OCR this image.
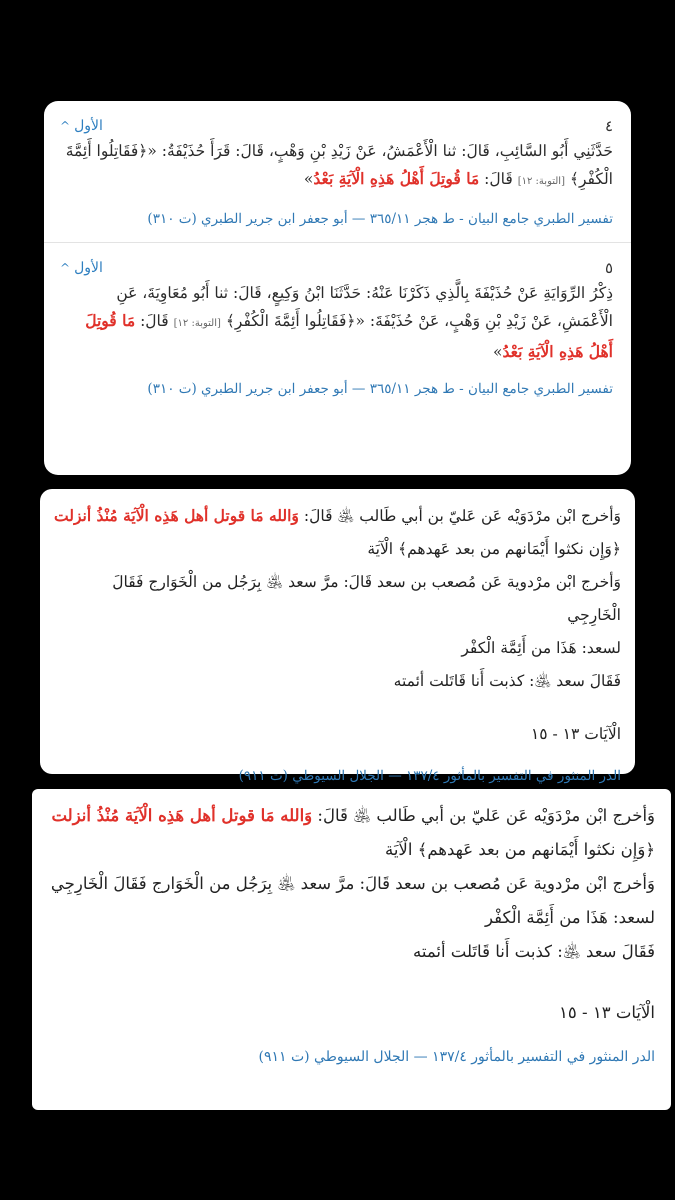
٤
الأول^
حَدَّثَنِي أَبُو السَّائِبِ، قَالَ: ثنا الْأَعْمَشُ، عَنْ زَيْدِ بْنِ وَهْبٍ، قَالَ: قَرَأَ حُذَيْفَةُ: «﴿فَقَاتِلُوا أَئِمَّةَ الْكُفْرِ﴾ [التوبة: ١٢] قَالَ: مَا قُوتِلَ أَهْلُ هَذِهِ الْآيَةِ بَعْدُ»
تفسير الطبري جامع البيان - ط هجر ٣٦٥/١١ — أبو جعفر ابن جرير الطبري (ت ٣١٠)
٥
الأول^
ذِكْرُ الرِّوَايَةِ عَنْ حُذَيْفَةَ بِالَّذِي ذَكَرْنَا عَنْهُ: حَدَّثَنَا ابْنُ وَكِيعٍ، قَالَ: ثنا أَبُو مُعَاوِيَةَ، عَنِ الْأَعْمَشِ، عَنْ زَيْدِ بْنِ وَهْبٍ، عَنْ حُذَيْفَةَ: «﴿فَقَاتِلُوا أَئِمَّةَ الْكُفْرِ﴾ [التوبة: ١٢] قَالَ: مَا قُوتِلَ أَهْلُ هَذِهِ الْآيَةِ بَعْدُ»
تفسير الطبري جامع البيان - ط هجر ٣٦٥/١١ — أبو جعفر ابن جرير الطبري (ت ٣١٠)

وَأخرج ابْن مرْدَوَيْه عَن عَليّ بن أبي طَالب ﵁ قَالَ: وَالله مَا قوتل أهل هَذِه الْآيَة مُنْذُ أنزلت

﴿وَإِن نكثوا أَيْمَانهم من بعد عَهدهم﴾ الْآيَة

وَأخرج ابْن مرْدوية عَن مُصعب بن سعد قَالَ: مرَّ سعد ﵁ بِرَجُل من الْخَوَارج فَقَالَ الْخَارِجِي

لسعد: هَذَا من أَئِمَّة الْكفْر

فَقَالَ سعد ﵁: كذبت أَنا قَاتَلت أئمته

الْآيَات ١٣ - ١٥
الدر المنثور في التفسير بالمأثور ١٣٧/٤ — الجلال السيوطي (ت ٩١١)

وَأخرج ابْن مرْدَوَيْه عَن عَليّ بن أبي طَالب ﵁ قَالَ: وَالله مَا قوتل أهل هَذِه الْآيَة مُنْذُ أنزلت

﴿وَإِن نكثوا أَيْمَانهم من بعد عَهدهم﴾ الْآيَة

وَأخرج ابْن مرْدوية عَن مُصعب بن سعد قَالَ: مرَّ سعد ﵁ بِرَجُل من الْخَوَارج فَقَالَ الْخَارِجِي

لسعد: هَذَا من أَئِمَّة الْكفْر

فَقَالَ سعد ﵁: كذبت أَنا قَاتَلت أئمته

الْآيَات ١٣ - ١٥
الدر المنثور في التفسير بالمأثور ١٣٧/٤ — الجلال السيوطي (ت ٩١١)
